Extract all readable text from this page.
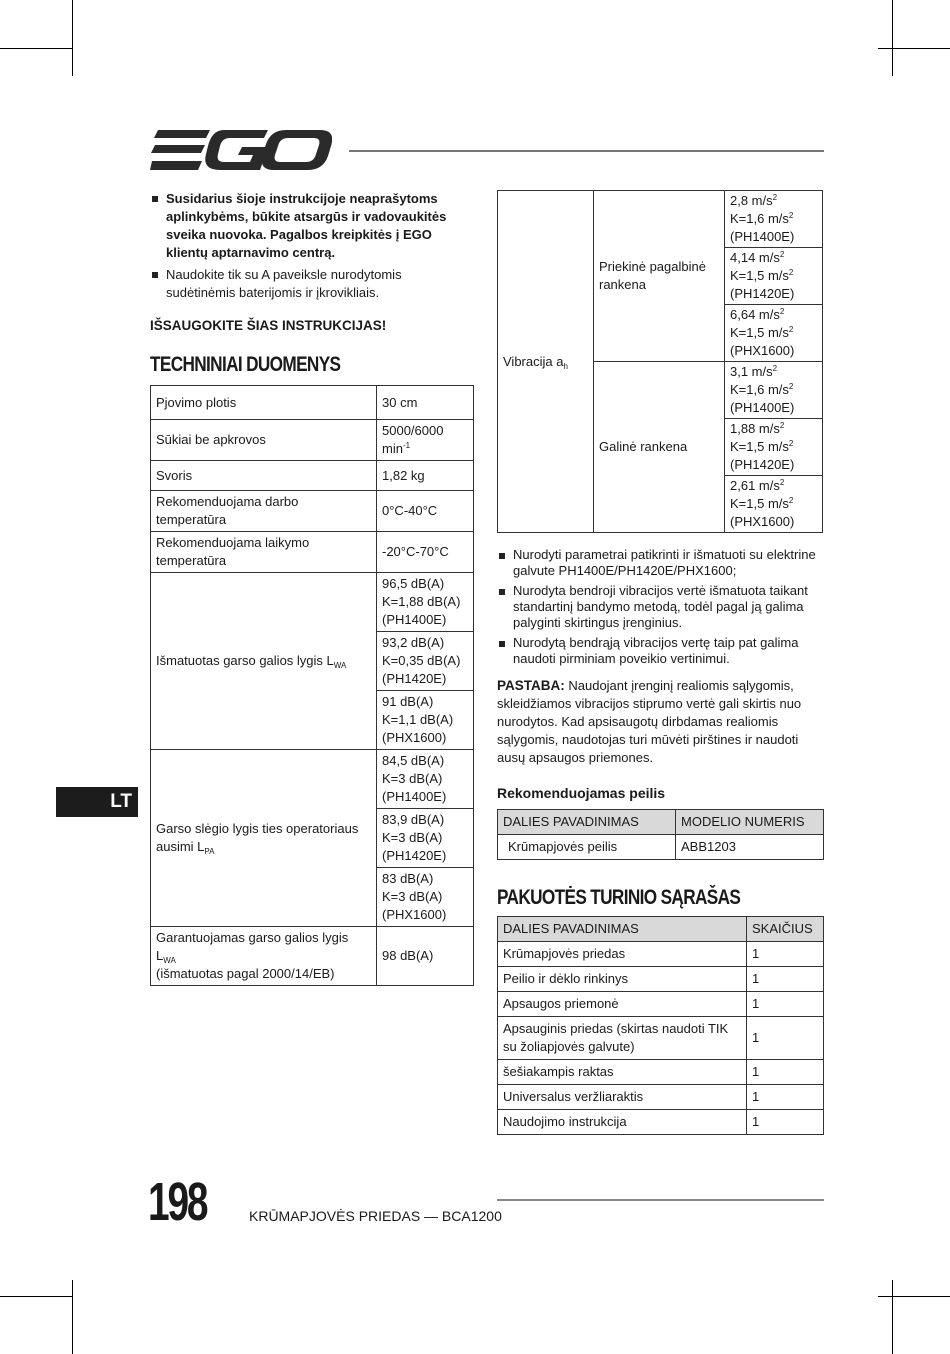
Susidarius šioje instrukcijoje neaprašytoms aplinkybėms, būkite atsargūs ir vadovaukitės sveika nuovoka. Pagalbos kreipkitės į EGO klientų aptarnavimo centrą.
Naudokite tik su A paveiksle nurodytomis sudėtinėmis baterijomis ir įkrovikliais.
IŠSAUGOKITE ŠIAS INSTRUKCIJAS!
TECHNINIAI DUOMENYS
Pjovimo plotis	30 cm
Sūkiai be apkrovos	5000/6000 $\min^{-1}$
Svoris	1,82 kg
Rekomenduojama darbo temperatūra	0°C-40°C
Rekomenduojama laikymo temperatūra	-20°C-70°C
Išmatuotas garso galios lygis $L_{WA}$	96,5 dB(A)
K=1,88 dB(A)
(PH1400E)

	93,2 dB(A)
K=0,35 dB(A)
(PH1420E)

	91 dB(A)
K=1,1 dB(A)
(PHX1600)

Garso slėgio lygis ties operatoriaus ausimi $L_{PA}$	84,5 dB(A)
K=3 dB(A)
(PH1400E)

	83,9 dB(A)
K=3 dB(A)
(PH1420E)

	83 dB(A)
K=3 dB(A)
(PHX1600)

Garantuojamas garso galios lygis $L_{WA}$
(išmatuotas pagal 2000/14/EB)	98 dB(A)
Vibracija $a_h$	Priekinė pagalbinė rankena	2,8 $m/s^2$
K=1,6 $m/s^2$
(PH1400E)

		4,14 $m/s^2$
K=1,5 $m/s^2$
(PH1420E)

		6,64 $m/s^2$
K=1,5 $m/s^2$
(PHX1600)

	Galinė rankena	3,1 $m/s^2$
K=1,6 $m/s^2$
(PH1400E)

		1,88 $m/s^2$
K=1,5 $m/s^2$
(PH1420E)

		2,61 $m/s^2$
K=1,5 $m/s^2$
(PHX1600)
Nurodyti parametrai patikrinti ir išmatuoti su elektrine galvute PH1400E/PH1420E/PHX1600;
Nurodyta bendroji vibracijos vertė išmatuota taikant standartinį bandymo metodą, todėl pagal ją galima palyginti skirtingus įrenginius.
Nurodytą bendrąją vibracijos vertę taip pat galima naudoti pirminiam poveikio vertinimui.
PASTABA: Naudojant įrenginį realiomis sąlygomis, skleidžiamos vibracijos stiprumo vertė gali skirtis nuo nurodytos. Kad apsisaugotų dirbdamas realiomis sąlygomis, naudotojas turi mūvėti pirštines ir naudoti ausų apsaugos priemones.
Rekomenduojamas peilis
DALIES PAVADINIMAS	MODELIO NUMERIS
Krūmapjovės peilis	ABB1203
PAKUOTĖS TURINIO SĄRAŠAS
DALIES PAVADINIMAS	SKAIČIUS
Krūmapjovės priedas	1
Peilio ir dėklo rinkinys	1
Apsaugos priemonė	1
Apsauginis priedas (skirtas naudoti TIK su žoliapjovės galvute)	1
šešiakampis raktas	1
Universalus veržliaraktis	1
Naudojimo instrukcija	1
LT
198	KRŪMAPJOVĖS PRIEDAS — BCA1200
